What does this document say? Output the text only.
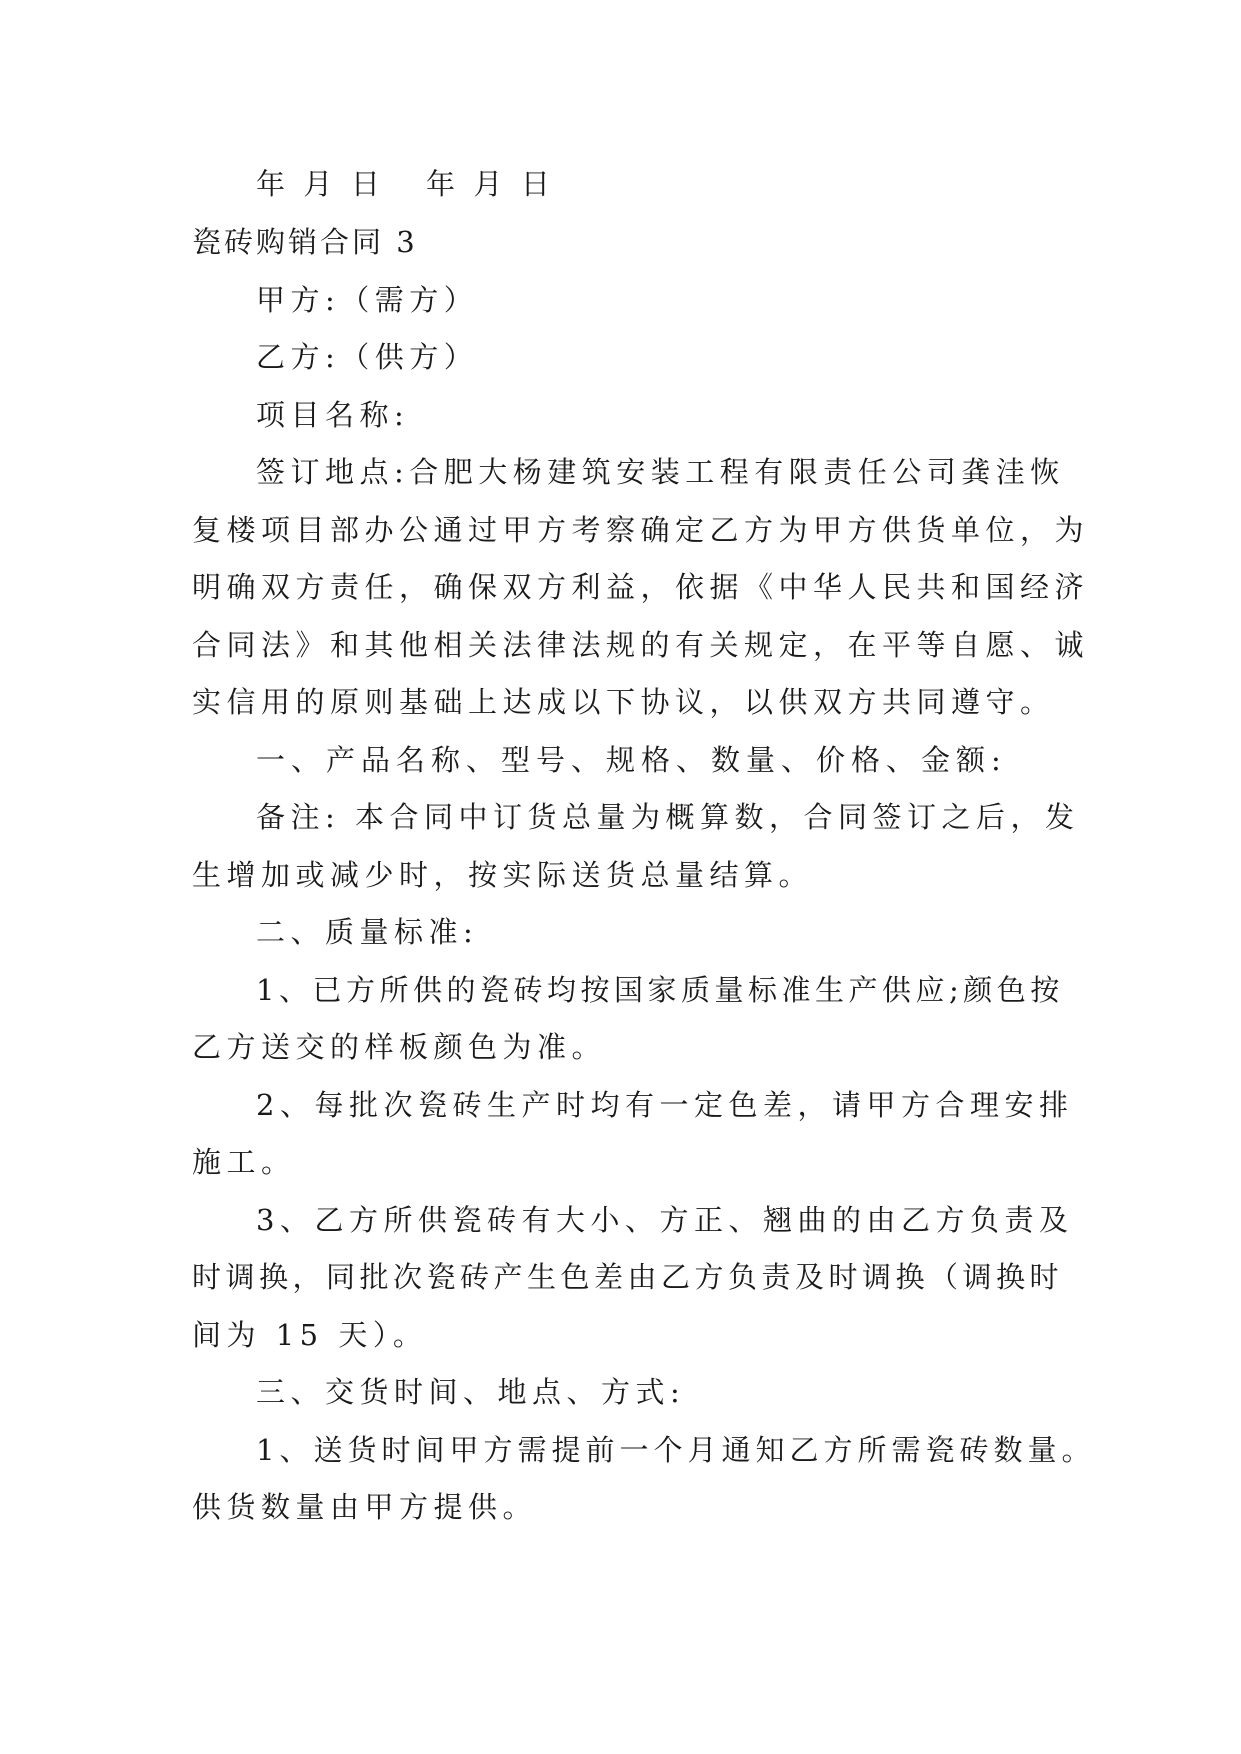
年  月  日     年  月  日
瓷砖购销合同 3
甲方:（需方）
乙方:（供方）
项目名称:
签订地点:合肥大杨建筑安装工程有限责任公司龚洼恢
复楼项目部办公通过甲方考察确定乙方为甲方供货单位，为
明确双方责任，确保双方利益，依据《中华人民共和国经济
合同法》和其他相关法律法规的有关规定，在平等自愿、诚
实信用的原则基础上达成以下协议，以供双方共同遵守。
一、产品名称、型号、规格、数量、价格、金额:
备注: 本合同中订货总量为概算数，合同签订之后，发
生增加或减少时，按实际送货总量结算。
二、质量标准:
1、已方所供的瓷砖均按国家质量标准生产供应;颜色按
乙方送交的样板颜色为准。
2、每批次瓷砖生产时均有一定色差，请甲方合理安排
施工。
3、乙方所供瓷砖有大小、方正、翘曲的由乙方负责及
时调换，同批次瓷砖产生色差由乙方负责及时调换（调换时
间为 15 天）。
三、交货时间、地点、方式:
1、送货时间甲方需提前一个月通知乙方所需瓷砖数量。
供货数量由甲方提供。
